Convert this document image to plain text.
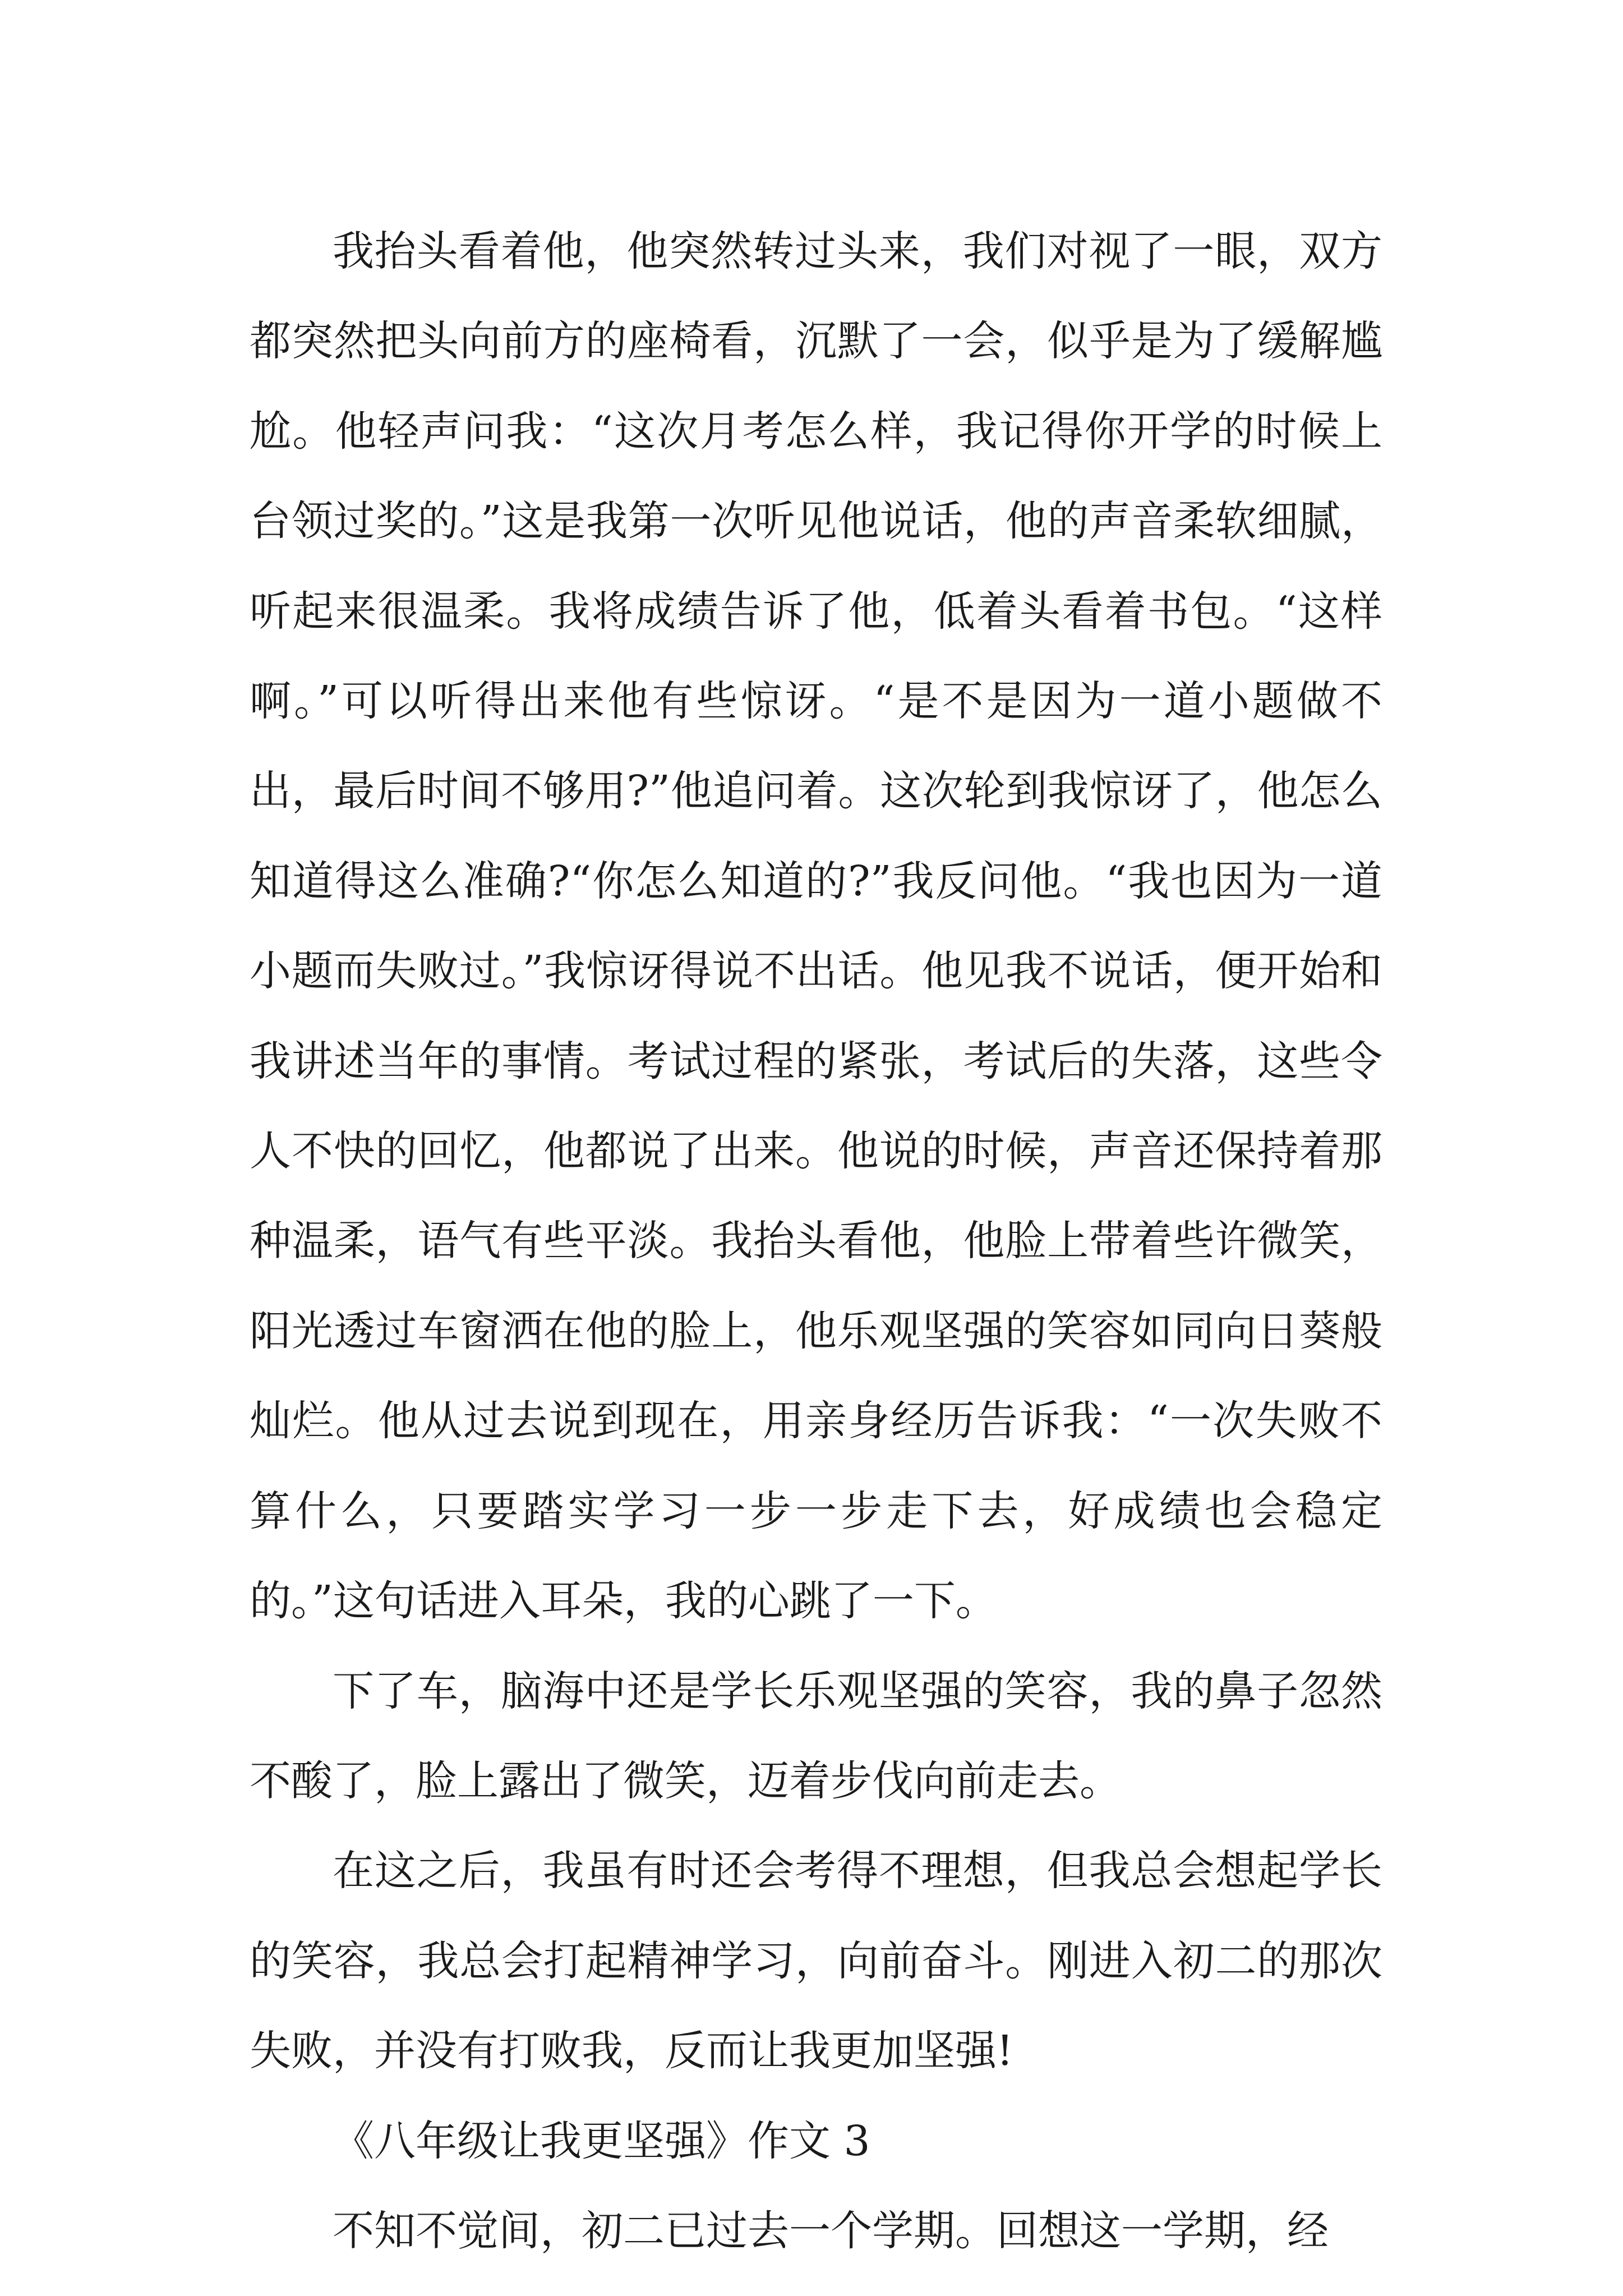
我抬头看着他，他突然转过头来，我们对视了一眼，双方都突然把头向前方的座椅看，沉默了一会，似乎是为了缓解尴尬。他轻声问我：“这次月考怎么样，我记得你开学的时候上台领过奖的。”这是我第一次听见他说话，他的声音柔软细腻，听起来很温柔。我将成绩告诉了他，低着头看着书包。“这样啊。”可以听得出来他有些惊讶。“是不是因为一道小题做不出，最后时间不够用?”他追问着。这次轮到我惊讶了，他怎么知道得这么准确?“你怎么知道的?”我反问他。“我也因为一道小题而失败过。”我惊讶得说不出话。他见我不说话，便开始和我讲述当年的事情。考试过程的紧张，考试后的失落，这些令人不快的回忆，他都说了出来。他说的时候，声音还保持着那种温柔，语气有些平淡。我抬头看他，他脸上带着些许微笑，阳光透过车窗洒在他的脸上，他乐观坚强的笑容如同向日葵般灿烂。他从过去说到现在，用亲身经历告诉我：“一次失败不算什么，只要踏实学习一步一步走下去，好成绩也会稳定的。”这句话进入耳朵，我的心跳了一下。

下了车，脑海中还是学长乐观坚强的笑容，我的鼻子忽然不酸了，脸上露出了微笑，迈着步伐向前走去。

在这之后，我虽有时还会考得不理想，但我总会想起学长的笑容，我总会打起精神学习，向前奋斗。刚进入初二的那次失败，并没有打败我，反而让我更加坚强!

《八年级让我更坚强》作文 3

不知不觉间，初二已过去一个学期。回想这一学期，经
